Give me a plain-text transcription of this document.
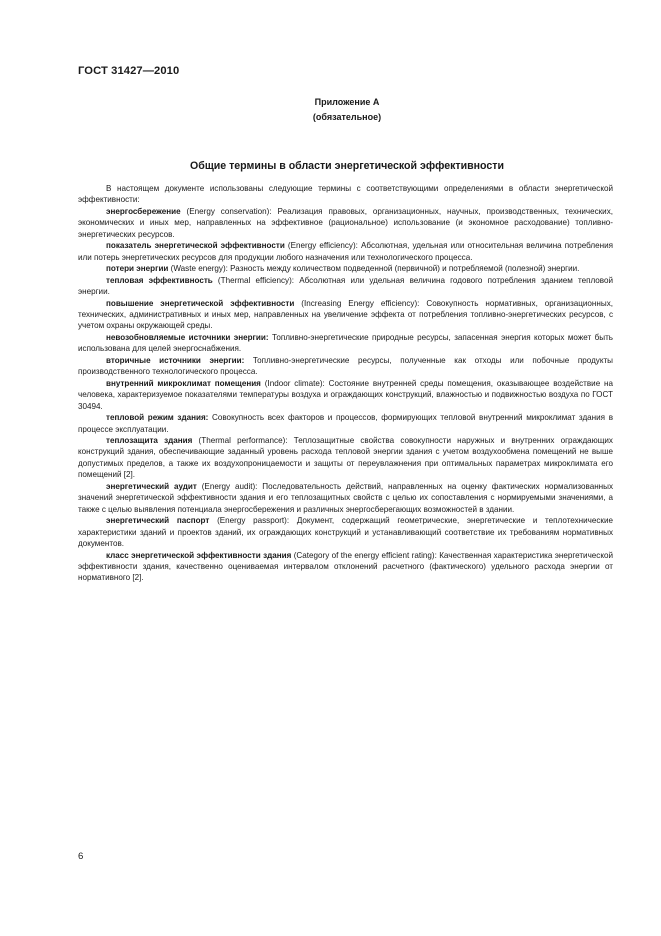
ГОСТ 31427—2010
Приложение А
(обязательное)
Общие термины в области энергетической эффективности

В настоящем документе использованы следующие термины с соответствующими определениями в области энергетической эффективности:

энергосбережение (Energy conservation): Реализация правовых, организационных, научных, производственных, технических, экономических и иных мер, направленных на эффективное (рациональное) использование (и экономное расходование) топливно-энергетических ресурсов.

показатель энергетической эффективности (Energy efficiency): Абсолютная, удельная или относительная величина потребления или потерь энергетических ресурсов для продукции любого назначения или технологического процесса.

потери энергии (Waste energy): Разность между количеством подведенной (первичной) и потребляемой (полезной) энергии.

тепловая эффективность (Thermal efficiency): Абсолютная или удельная величина годового потребления зданием тепловой энергии.

повышение энергетической эффективности (Increasing Energy efficiency): Совокупность нормативных, организационных, технических, административных и иных мер, направленных на увеличение эффекта от потребления топливно-энергетических ресурсов, с учетом охраны окружающей среды.

невозобновляемые источники энергии: Топливно-энергетические природные ресурсы, запасенная энергия которых может быть использована для целей энергоснабжения.

вторичные источники энергии: Топливно-энергетические ресурсы, полученные как отходы или побочные продукты производственного технологического процесса.

внутренний микроклимат помещения (Indoor climate): Состояние внутренней среды помещения, оказывающее воздействие на человека, характеризуемое показателями температуры воздуха и ограждающих конструкций, влажностью и подвижностью воздуха по ГОСТ 30494.

тепловой режим здания: Совокупность всех факторов и процессов, формирующих тепловой внутренний микроклимат здания в процессе эксплуатации.

теплозащита здания (Thermal performance): Теплозащитные свойства совокупности наружных и внутренних ограждающих конструкций здания, обеспечивающие заданный уровень расхода тепловой энергии здания с учетом воздухообмена помещений не выше допустимых пределов, а также их воздухопроницаемости и защиты от переувлажнения при оптимальных параметрах микроклимата его помещений [2].

энергетический аудит (Energy audit): Последовательность действий, направленных на оценку фактических нормализованных значений энергетической эффективности здания и его теплозащитных свойств с целью их сопоставления с нормируемыми значениями, а также с целью выявления потенциала энергосбережения и различных энергосберегающих возможностей в здании.

энергетический паспорт (Energy passport): Документ, содержащий геометрические, энергетические и теплотехнические характеристики зданий и проектов зданий, их ограждающих конструкций и устанавливающий соответствие их требованиям нормативных документов.

класс энергетической эффективности здания (Category of the energy efficient rating): Качественная характеристика энергетической эффективности здания, качественно оцениваемая интервалом отклонений расчетного (фактического) удельного расхода энергии от нормативного [2].

6
